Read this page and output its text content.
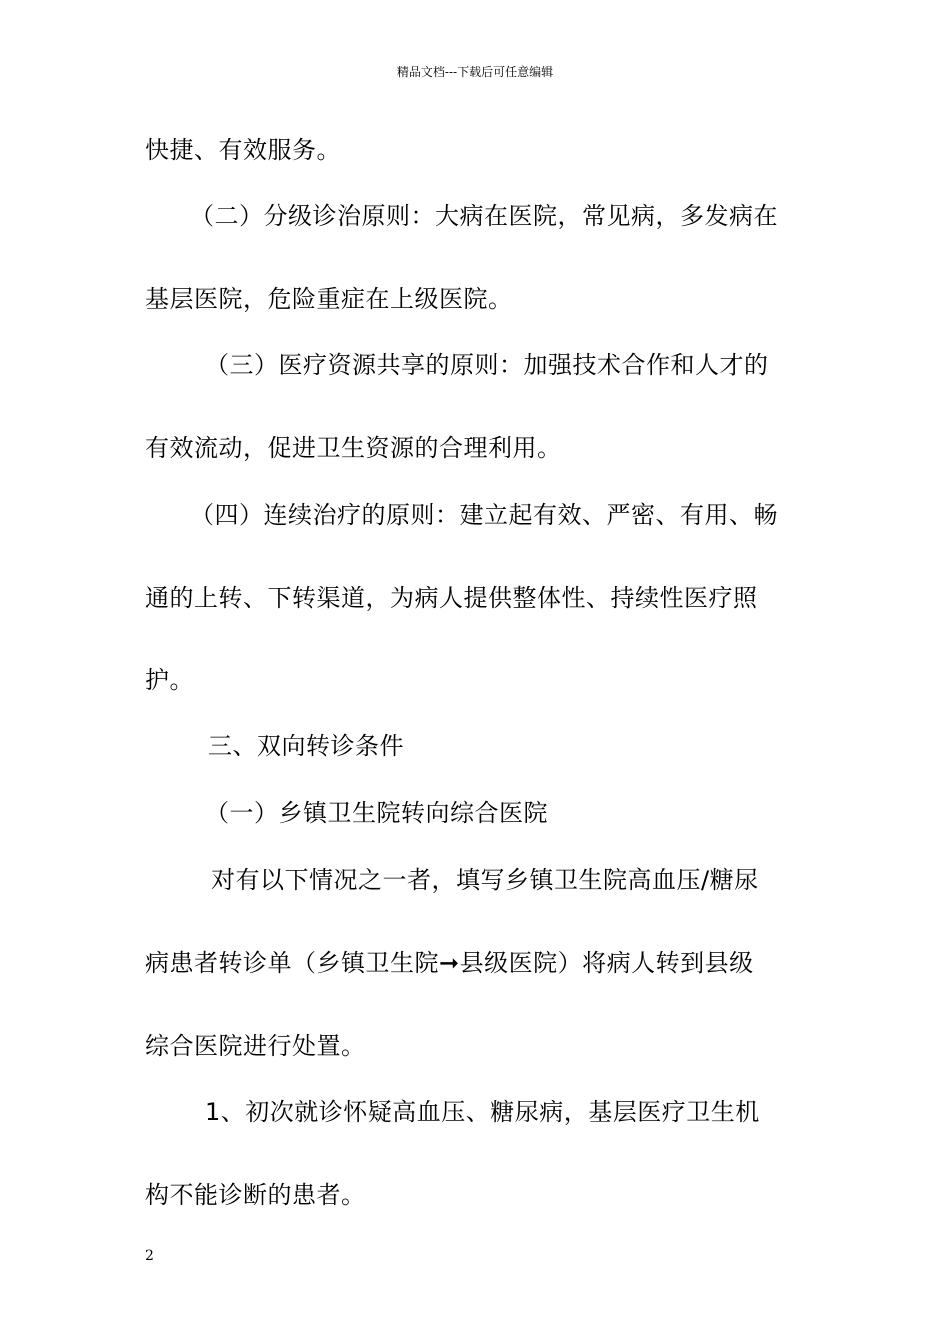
精品文档---下载后可任意编辑
快捷、有效服务。
（二）分级诊治原则：大病在医院，常见病，多发病在
基层医院，危险重症在上级医院。
（三）医疗资源共享的原则：加强技术合作和人才的
有效流动，促进卫生资源的合理利用。
（四）连续治疗的原则：建立起有效、严密、有用、畅
通的上转、下转渠道，为病人提供整体性、持续性医疗照
护。
三、双向转诊条件
（一）乡镇卫生院转向综合医院
对有以下情况之一者，填写乡镇卫生院高血压/糖尿
病患者转诊单（乡镇卫生院➞县级医院）将病人转到县级
综合医院进行处置。
1、初次就诊怀疑高血压、糖尿病，基层医疗卫生机
构不能诊断的患者。
2
